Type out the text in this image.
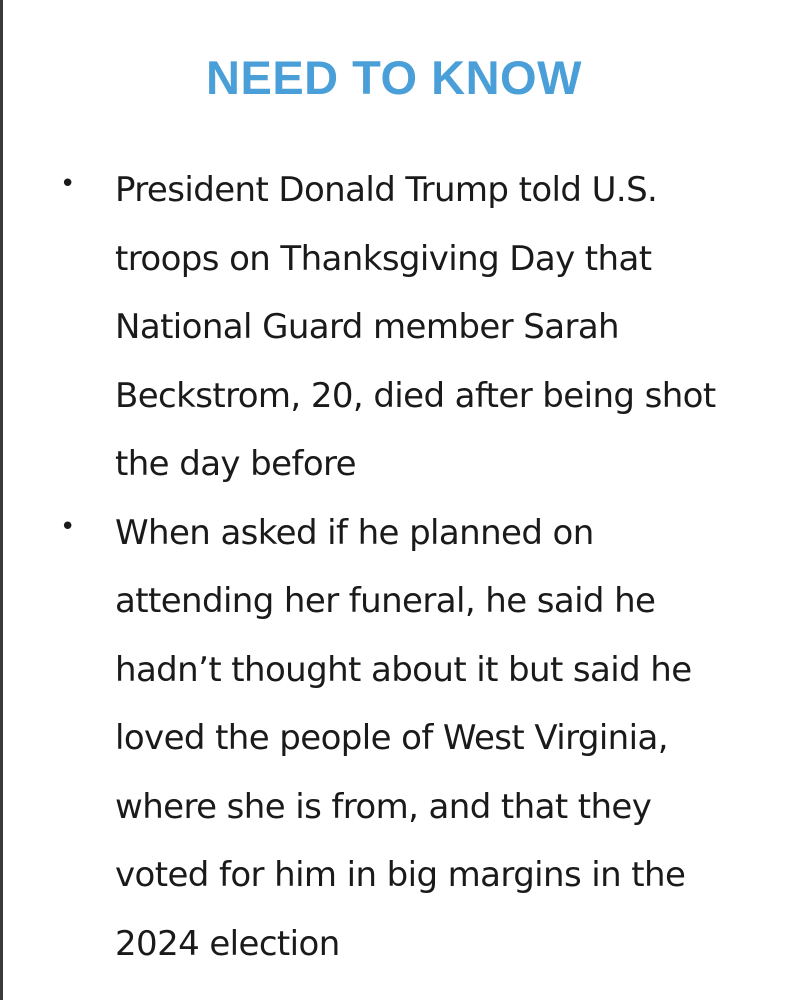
NEED TO KNOW
• President Donald Trump told U.S.
troops on Thanksgiving Day that
National Guard member Sarah
Beckstrom, 20, died after being shot
the day before
• When asked if he planned on
attending her funeral, he said he
hadn’t thought about it but said he
loved the people of West Virginia,
where she is from, and that they
voted for him in big margins in the
2024 election
